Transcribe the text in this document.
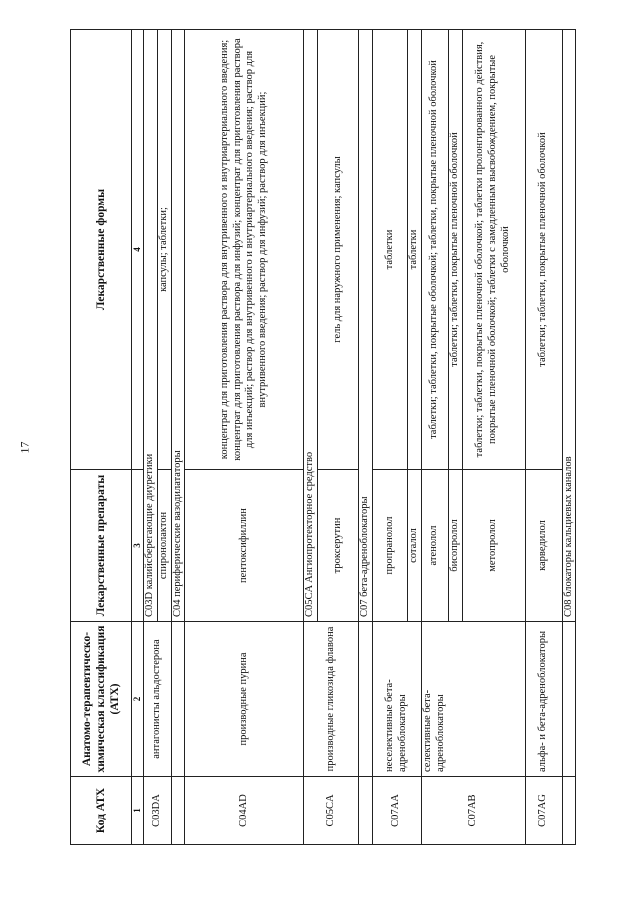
17
Код АТХ	Анатомо-терапевтическо-химическая классификация (АТХ)	Лекарственные препараты	Лекарственные формы
1	2	3	4
C03DA	антагонисты альдостерона	C03D калийсберегающие диуретики	
		спиронолактон	капсулы; таблетки;
		C04 периферические вазодилататоры	
C04AD	производные пурина	пентоксифиллин	концентрат для приготовления раствора для внутривенного и внутриартериального введения; концентрат для приготовления раствора для инфузий; концентрат для приготовления раствора для инъекций; раствор для внутривенного и внутриартериального введения; раствор для внутривенного введения; раствор для инфузий; раствор для инъекций;
C05CA	производные гликозида флавона	C05CA Ангиопротекторное средство	
		троксерутин	гель для наружного применения; капсулы
		C07 бета-адреноблокаторы	
C07AA	неселективные бета-адреноблокаторы	пропранолол	таблетки
		соталол	таблетки
C07AB	селективные бета-адреноблокаторы	атенолол	таблетки; таблетки, покрытые оболочкой; таблетки, покрытые пленочной оболочкой
		бисопролол	таблетки; таблетки, покрытые пленочной оболочкой
		метопролол	таблетки; таблетки, покрытые пленочной оболочкой; таблетки пролонгированного действия, покрытые пленочной оболочкой; таблетки с замедленным высвобождением, покрытые оболочкой
C07AG	альфа- и бета-адреноблокаторы	карведилол	таблетки; таблетки, покрытые пленочной оболочкой
		C08 блокаторы кальциевых каналов	
